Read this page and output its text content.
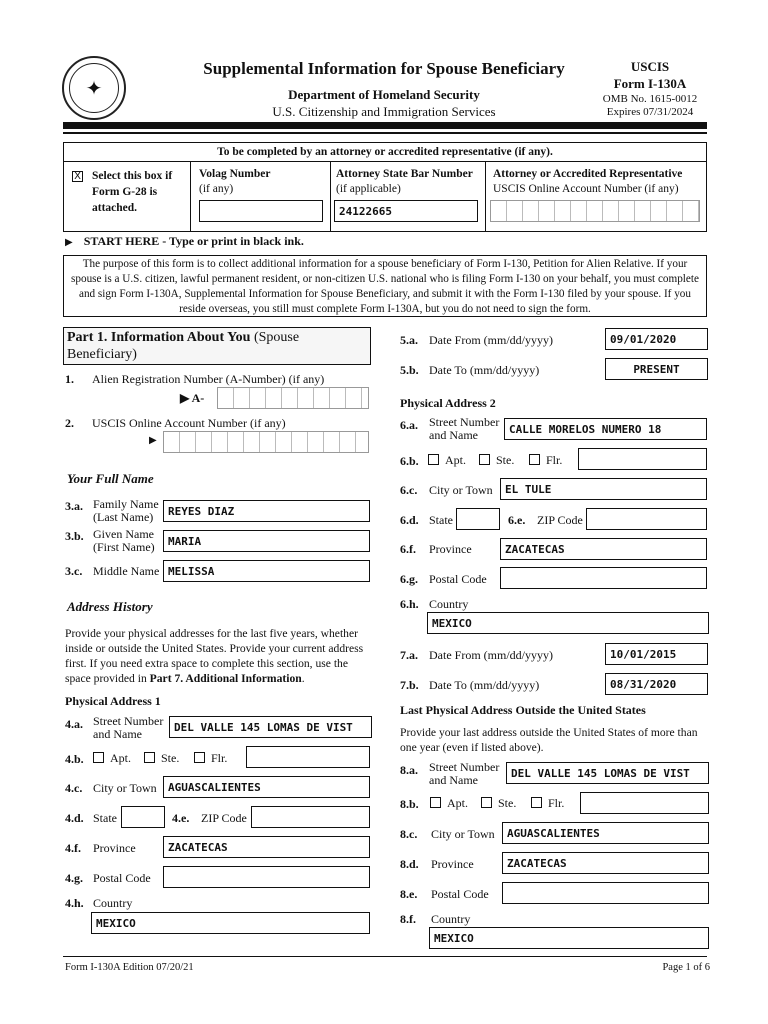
✦
Supplemental Information for Spouse Beneficiary
Department of Homeland Security
U.S. Citizenship and Immigration Services
USCIS
Form I-130A
OMB No. 1615-0012
Expires 07/31/2024
To be completed by an attorney or accredited representative (if any).
X Select this box if Form G-28 is attached.
Volag Number
(if any)
Attorney State Bar Number
(if applicable)
24122665
Attorney or Accredited Representative
USCIS Online Account Number (if any)
▶ START HERE - Type or print in black ink.
The purpose of this form is to collect additional information for a spouse beneficiary of Form I-130, Petition for Alien Relative. If your spouse is a U.S. citizen, lawful permanent resident, or non-citizen U.S. national who is filing Form I-130 on your behalf, you must complete and sign Form I-130A, Supplemental Information for Spouse Beneficiary, and submit it with the Form I-130 filed by your spouse. If you reside overseas, you still must complete Form I-130A, but you do not need to sign the form.
Part 1. Information About You (Spouse Beneficiary)
1. Alien Registration Number (A-Number) (if any)
▶ A-
2. USCIS Online Account Number (if any)
▶
Your Full Name
3.a. Family Name (Last Name)	REYES DIAZ
3.b. Given Name (First Name)	MARIA
3.c. Middle Name MELISSA
Address History
Provide your physical addresses for the last five years, whether inside or outside the United States. Provide your current address first. If you need extra space to complete this section, use the space provided in Part 7. Additional Information.
Physical Address 1
4.a. Street Number and Name	DEL VALLE 145 LOMAS DE VIST
4.b. Apt.	Ste.	Flr.
4.c. City or Town	AGUASCALIENTES
4.d. State	4.e. ZIP Code
4.f. Province	ZACATECAS
4.g. Postal Code
4.h. Country
MEXICO
5.a. Date From (mm/dd/yyyy)	09/01/2020
5.b. Date To (mm/dd/yyyy)	PRESENT
Physical Address 2
6.a. Street Number and Name	CALLE MORELOS NUMERO 18
6.b. Apt.	Ste.	Flr.
6.c. City or Town	EL TULE
6.d. State	6.e. ZIP Code
6.f. Province	ZACATECAS
6.g. Postal Code
6.h. Country
MEXICO
7.a. Date From (mm/dd/yyyy)	10/01/2015
7.b. Date To (mm/dd/yyyy)	08/31/2020
Last Physical Address Outside the United States
Provide your last address outside the United States of more than one year (even if listed above).
8.a. Street Number and Name	DEL VALLE 145 LOMAS DE VIST
8.b. Apt.	Ste.	Flr.
8.c. City or Town	AGUASCALIENTES
8.d. Province	ZACATECAS
8.e. Postal Code
8.f. Country
MEXICO
Form I-130A Edition 07/20/21	Page 1 of 6
